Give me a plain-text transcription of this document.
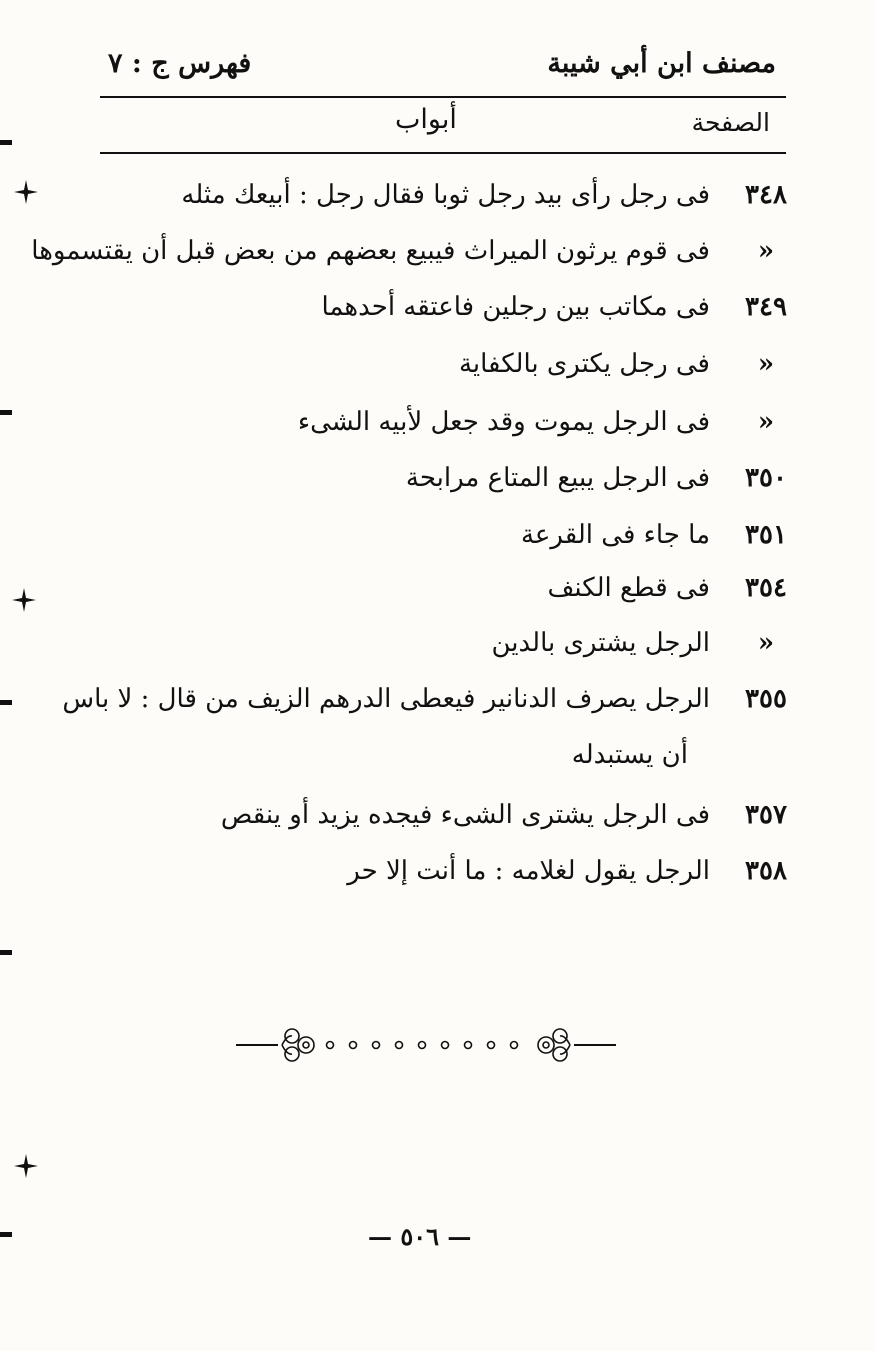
مصنف ابن أبي شيبة
فهرس ج : ٧
الصفحة
أبواب
٣٤٨
فى رجل رأى بيد رجل ثوبا فقال رجل : أبيعك مثله
«
فى قوم يرثون الميراث فيبيع بعضهم من بعض قبل أن يقتسموها
٣٤٩
فى مكاتب بين رجلين فاعتقه أحدهما
«
فى رجل يكترى بالكفاية
«
فى الرجل يموت وقد جعل لأبيه الشىء
٣٥٠
فى الرجل يبيع المتاع مرابحة
٣٥١
ما جاء فى القرعة
٣٥٤
فى قطع الكنف
«
الرجل يشترى بالدين
٣٥٥
الرجل يصرف الدنانير فيعطى الدرهم الزيف من قال : لا باس
أن يستبدله
٣٥٧
فى الرجل يشترى الشىء فيجده يزيد أو ينقص
٣٥٨
الرجل يقول لغلامه : ما أنت إلا حر
— ٥٠٦ —
